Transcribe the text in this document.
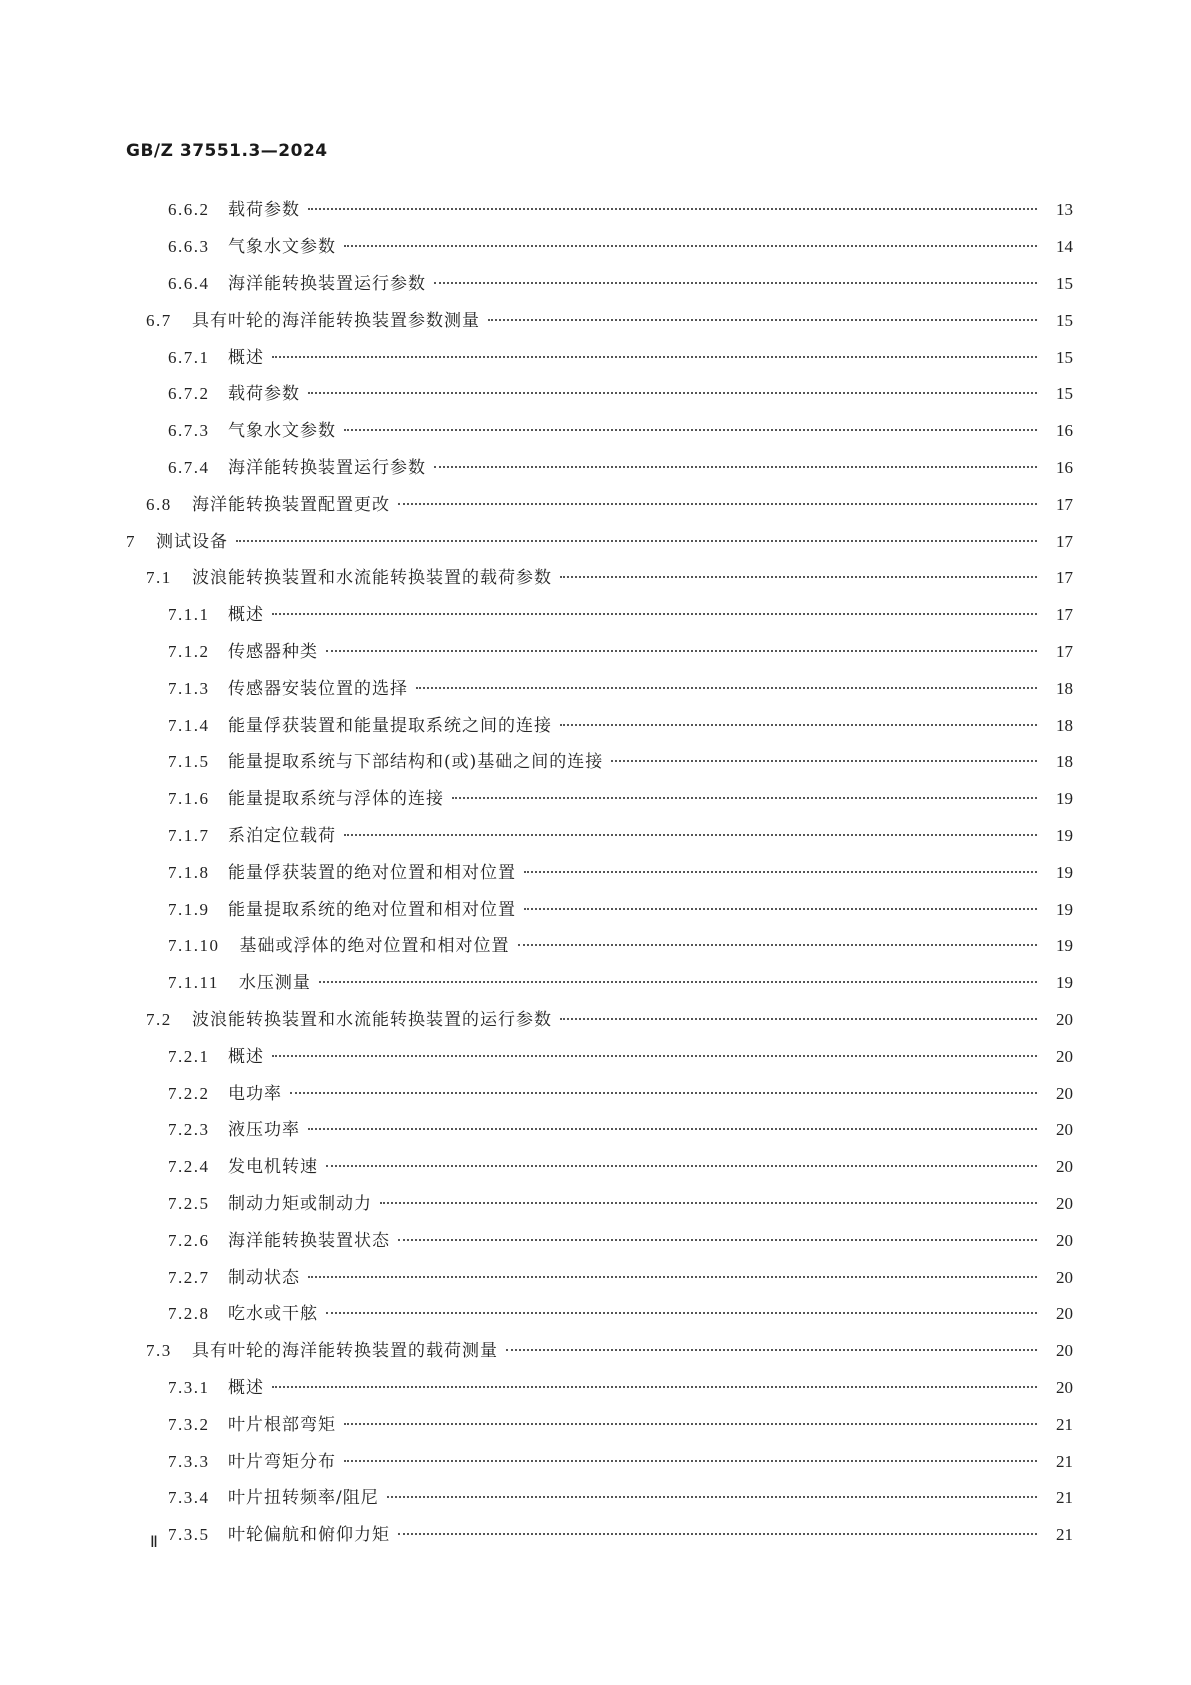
GB/Z 37551.3—2024
6.6.2	载荷参数	13
6.6.3	气象水文参数	14
6.6.4	海洋能转换装置运行参数	15
6.7	具有叶轮的海洋能转换装置参数测量	15
6.7.1	概述	15
6.7.2	载荷参数	15
6.7.3	气象水文参数	16
6.7.4	海洋能转换装置运行参数	16
6.8	海洋能转换装置配置更改	17
7	测试设备	17
7.1	波浪能转换装置和水流能转换装置的载荷参数	17
7.1.1	概述	17
7.1.2	传感器种类	17
7.1.3	传感器安装位置的选择	18
7.1.4	能量俘获装置和能量提取系统之间的连接	18
7.1.5	能量提取系统与下部结构和(或)基础之间的连接	18
7.1.6	能量提取系统与浮体的连接	19
7.1.7	系泊定位载荷	19
7.1.8	能量俘获装置的绝对位置和相对位置	19
7.1.9	能量提取系统的绝对位置和相对位置	19
7.1.10	基础或浮体的绝对位置和相对位置	19
7.1.11	水压测量	19
7.2	波浪能转换装置和水流能转换装置的运行参数	20
7.2.1	概述	20
7.2.2	电功率	20
7.2.3	液压功率	20
7.2.4	发电机转速	20
7.2.5	制动力矩或制动力	20
7.2.6	海洋能转换装置状态	20
7.2.7	制动状态	20
7.2.8	吃水或干舷	20
7.3	具有叶轮的海洋能转换装置的载荷测量	20
7.3.1	概述	20
7.3.2	叶片根部弯矩	21
7.3.3	叶片弯矩分布	21
7.3.4	叶片扭转频率/阻尼	21
7.3.5	叶轮偏航和俯仰力矩	21
Ⅱ
